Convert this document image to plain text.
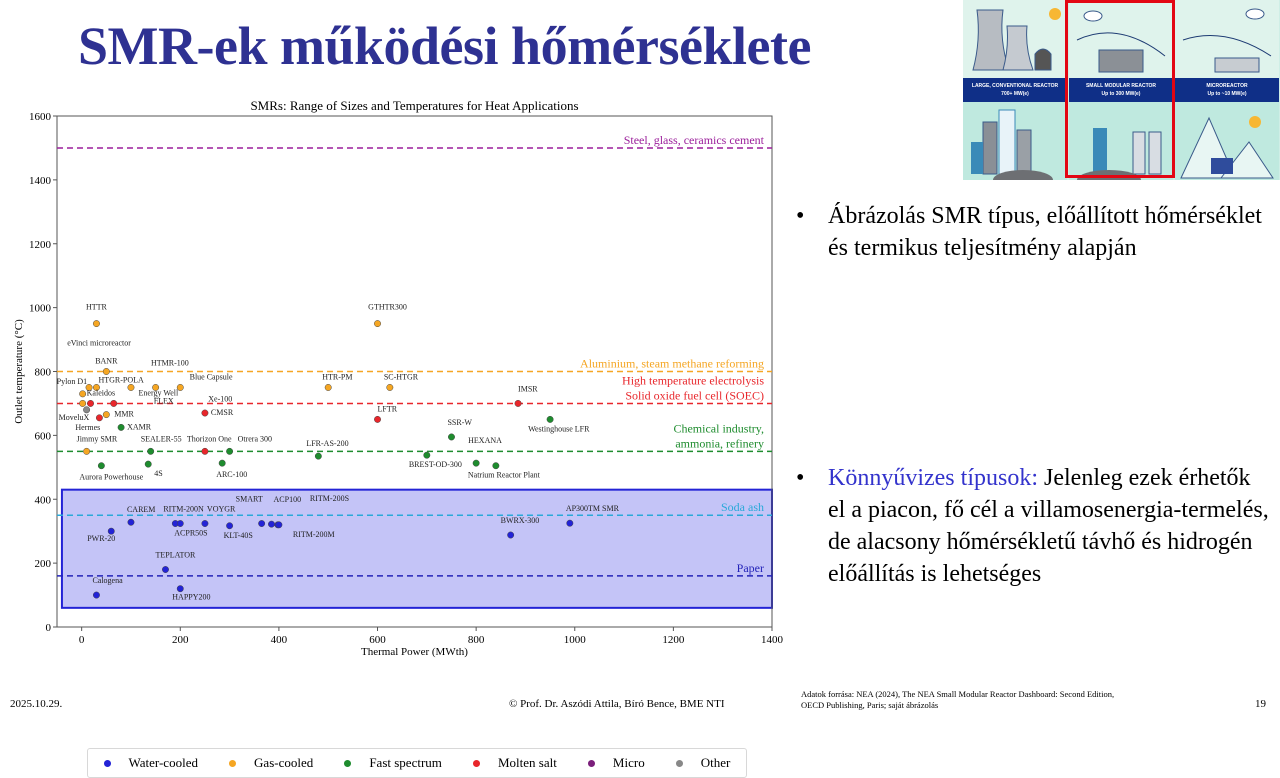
SMR-ek működési hőmérséklete
SMRs: Range of Sizes and Temperatures for Heat Applications
Outlet temperature (°C)
Thermal Power (MWth)
0
200
400
600
800
1000
1200
1400
1600
0	200	400	600	800	1000	1200	1400
Steel, glass, ceramics cement
Aluminium, steam methane reforming
High temperature electrolysis
Solid oxide fuel cell (SOEC)
Chemical industry,
ammonia, refinery
Soda ash
Paper
HTTR	GTHTR300
BANR
eVinci microreactor
Pylon D1 HTGR-POLA
HTMR-100
Blue Capsule
Xe-100
Kaleidos	Energy Well
FLEX
MoveluX
Hermes
MMR
XAMR
CMSR
Jimmy SMR	SEALER-55 Thorizon One Otrera 300
Aurora Powerhouse 4S	ARC-100
HTR-PM	SC-HTGR
IMSR
LFTR
Westinghouse LFR
SSR-W
LFR-AS-200
BREST-OD-300
HEXANA
Natrium Reactor Plant
CAREM
PWR-20
RITM-200N
ACPR50S
VOYGR
KLT-40S
SMART ACP100 RITM-200S
RITM-200M
TEPLATOR
Calogena
HAPPY200
BWRX-300
AP300TM SMR
Water-cooled	Gas-cooled	Fast spectrum	Molten salt	Micro	Other
LARGE, CONVENTIONAL REACTOR
700+ MW(e)
SMALL MODULAR REACTOR
Up to 300 MW(e)
MICROREACTOR
Up to ~10 MW(e)
• Ábrázolás SMR típus, előállított hőmérséklet és termikus teljesítmény alapján
• Könnyűvizes típusok: Jelenleg ezek érhetők el a piacon, fő cél a villamosenergia-termelés, de alacsony hőmérsékletű távhő és hidrogén előállítás is lehetséges
2025.10.29.	© Prof. Dr. Aszódi Attila, Bíró Bence, BME NTI
Adatok forrása: NEA (2024), The NEA Small Modular Reactor Dashboard: Second Edition,
OECD Publishing, Paris; saját ábrázolás	19
